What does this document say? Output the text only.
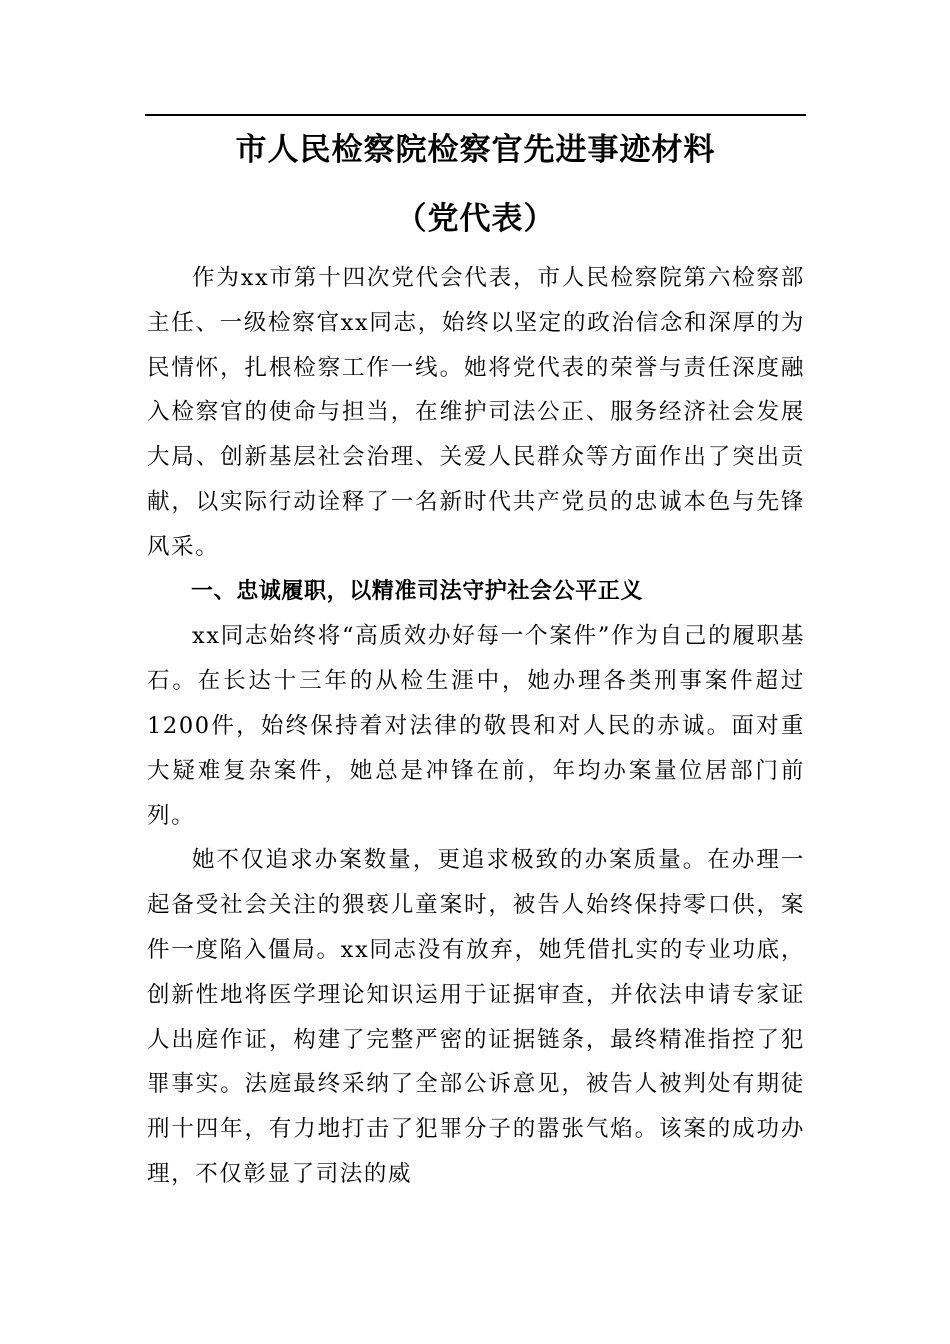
市人民检察院检察官先进事迹材料
（党代表）

作为xx市第十四次党代会代表，市人民检察院第六检察部主任、一级检察官xx同志，始终以坚定的政治信念和深厚的为民情怀，扎根检察工作一线。她将党代表的荣誉与责任深度融入检察官的使命与担当，在维护司法公正、服务经济社会发展大局、创新基层社会治理、关爱人民群众等方面作出了突出贡献，以实际行动诠释了一名新时代共产党员的忠诚本色与先锋风采。

一、忠诚履职，以精准司法守护社会公平正义

xx同志始终将“高质效办好每一个案件”作为自己的履职基石。在长达十三年的从检生涯中，她办理各类刑事案件超过1200件，始终保持着对法律的敬畏和对人民的赤诚。面对重大疑难复杂案件，她总是冲锋在前，年均办案量位居部门前列。

她不仅追求办案数量，更追求极致的办案质量。在办理一起备受社会关注的猥亵儿童案时，被告人始终保持零口供，案件一度陷入僵局。xx同志没有放弃，她凭借扎实的专业功底，创新性地将医学理论知识运用于证据审查，并依法申请专家证人出庭作证，构建了完整严密的证据链条，最终精准指控了犯罪事实。法庭最终采纳了全部公诉意见，被告人被判处有期徒刑十四年，有力地打击了犯罪分子的嚣张气焰。该案的成功办理，不仅彰显了司法的威
